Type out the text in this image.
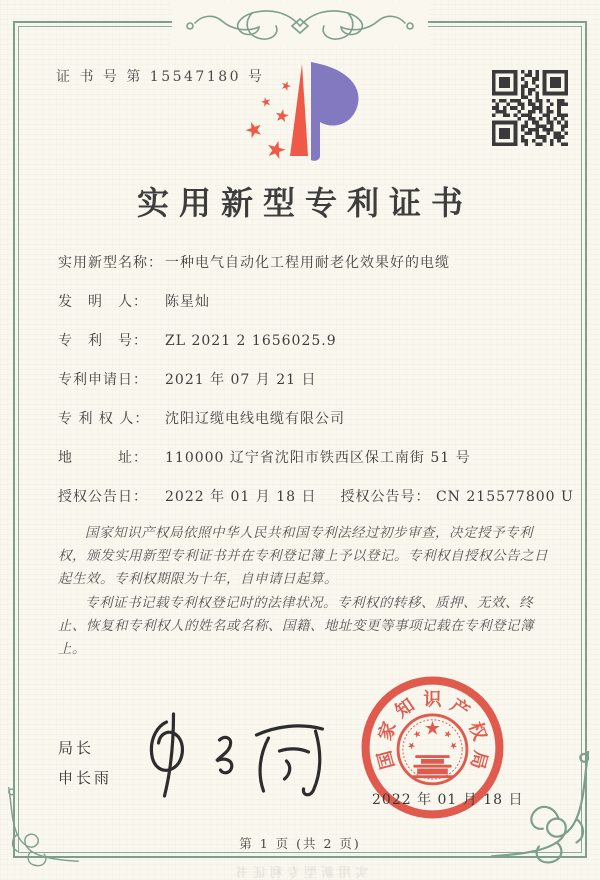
证 书 号 第 15547180 号
实用新型专利证书
实用新型名称： 一种电气自动化工程用耐老化效果好的电缆
发　明　人： 陈星灿
专　利　号： ZL 2021 2 1656025.9
专利申请日： 2021 年 07 月 21 日
专 利 权 人： 沈阳辽缆电线电缆有限公司
地　　　址： 110000 辽宁省沈阳市铁西区保工南街 51 号
授权公告日： 2022 年 01 月 18 日 授权公告号： CN 215577800 U

国家知识产权局依照中华人民共和国专利法经过初步审查，决定授予专利权，颁发实用新型专利证书并在专利登记簿上予以登记。专利权自授权公告之日起生效。专利权期限为十年，自申请日起算。

专利证书记载专利权登记时的法律状况。专利权的转移、质押、无效、终止、恢复和专利权人的姓名或名称、国籍、地址变更等事项记载在专利登记簿上。

局长
申长雨
国
家
知 识 产
权
局
2022 年 01 月 18 日
第 1 页 (共 2 页)
实用新型专利证书
